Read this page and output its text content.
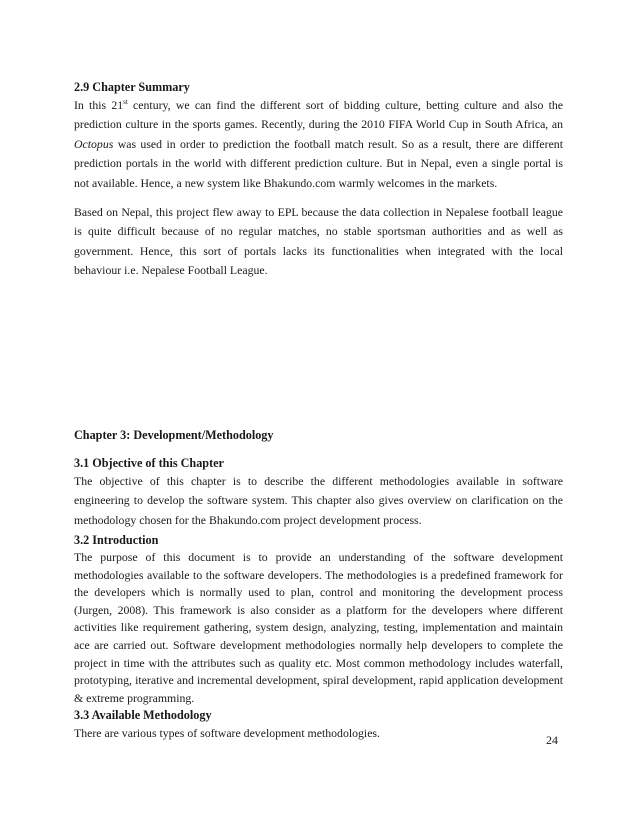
2.9 Chapter Summary

In this 21st century, we can find the different sort of bidding culture, betting culture and also the prediction culture in the sports games. Recently, during the 2010 FIFA World Cup in South Africa, an Octopus was used in order to prediction the football match result. So as a result, there are different prediction portals in the world with different prediction culture. But in Nepal, even a single portal is not available. Hence, a new system like Bhakundo.com warmly welcomes in the markets.

Based on Nepal, this project flew away to EPL because the data collection in Nepalese football league is quite difficult because of no regular matches, no stable sportsman authorities and as well as government. Hence, this sort of portals lacks its functionalities when integrated with the local behaviour i.e. Nepalese Football League.

Chapter 3: Development/Methodology

3.1 Objective of this Chapter

The objective of this chapter is to describe the different methodologies available in software engineering to develop the software system. This chapter also gives overview on clarification on the methodology chosen for the Bhakundo.com project development process.

3.2 Introduction

The purpose of this document is to provide an understanding of the software development methodologies available to the software developers. The methodologies is a predefined framework for the developers which is normally used to plan, control and monitoring the development process (Jurgen, 2008). This framework is also consider as a platform for the developers where different activities like requirement gathering, system design, analyzing, testing, implementation and maintain ace are carried out. Software development methodologies normally help developers to complete the project in time with the attributes such as quality etc. Most common methodology includes waterfall, prototyping, iterative and incremental development, spiral development, rapid application development & extreme programming.

3.3 Available Methodology

There are various types of software development methodologies.	24
